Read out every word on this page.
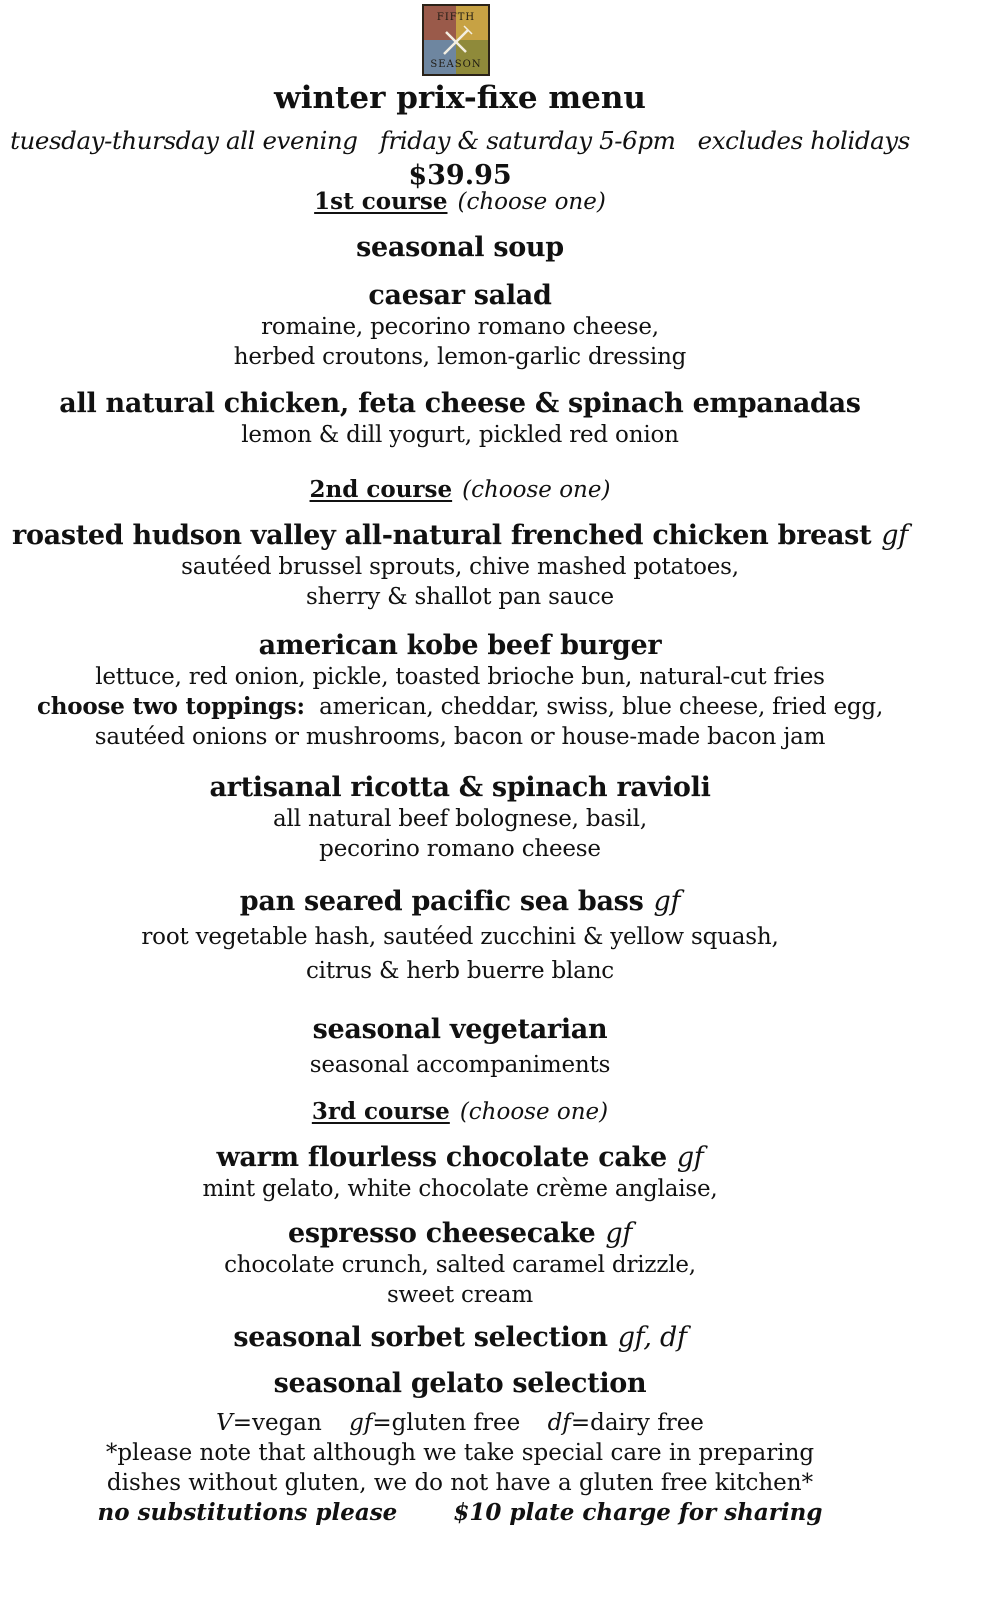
FIFTH
SEASON
winter prix-fixe menu
tuesday-thursday all evening   friday & saturday 5-6pm   excludes holidays
$39.95
1st course (choose one)
seasonal soup
caesar salad
romaine, pecorino romano cheese,
herbed croutons, lemon-garlic dressing
all natural chicken, feta cheese & spinach empanadas
lemon & dill yogurt, pickled red onion
2nd course (choose one)
roasted hudson valley all-natural frenched chicken breast gf
sautéed brussel sprouts, chive mashed potatoes,
sherry & shallot pan sauce
american kobe beef burger
lettuce, red onion, pickle, toasted brioche bun, natural-cut fries
choose two toppings: american, cheddar, swiss, blue cheese, fried egg,
sautéed onions or mushrooms, bacon or house-made bacon jam
artisanal ricotta & spinach ravioli
all natural beef bolognese, basil,
pecorino romano cheese
pan seared pacific sea bass gf
root vegetable hash, sautéed zucchini & yellow squash,
citrus & herb buerre blanc
seasonal vegetarian
seasonal accompaniments
3rd course (choose one)
warm flourless chocolate cake gf
mint gelato, white chocolate crème anglaise,
espresso cheesecake gf
chocolate crunch, salted caramel drizzle,
sweet cream
seasonal sorbet selection gf, df
seasonal gelato selection
V=vegan gf=gluten free df=dairy free
*please note that although we take special care in preparing
dishes without gluten, we do not have a gluten free kitchen*
no substitutions please $10 plate charge for sharing
